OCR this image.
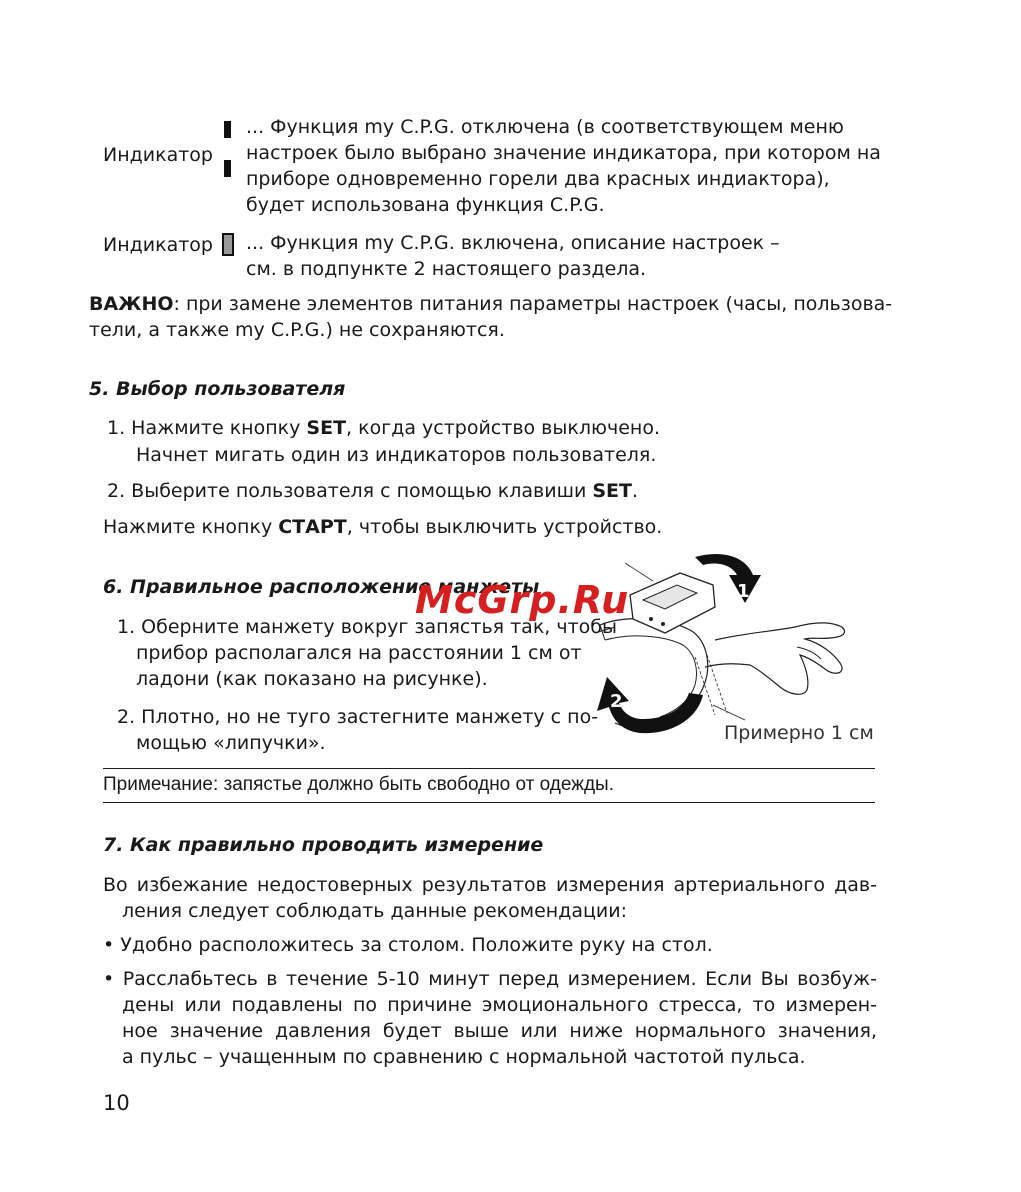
Индикатор
... Функция my C.P.G. отключена (в соответствующем меню
настроек было выбрано значение индикатора, при котором на
приборе одновременно горели два красных индиактора),
будет использована функция C.P.G.
Индикатор ... Функция my C.P.G. включена, описание настроек –
см. в подпункте 2 настоящего раздела.
ВАЖНО: при замене элементов питания параметры настроек (часы, пользова-
тели, а также my C.P.G.) не сохраняются.
5. Выбор пользователя
1. Нажмите кнопку SET, когда устройство выключено.
Начнет мигать один из индикаторов пользователя.
2. Выберите пользователя с помощью клавиши SET.
Нажмите кнопку СТАРТ, чтобы выключить устройство.
6. Правильное расположение манжеты
1. Оберните манжету вокруг запястья так, чтобы
прибор располагался на расстоянии 1 см от
ладони (как показано на рисунке).
2. Плотно, но не туго застегните манжету с по-
мощью «липучки».
1
2
Примерно 1 см
McGrp.Ru
Примечание: запястье должно быть свободно от одежды.
7. Как правильно проводить измерение
Во избежание недостоверных результатов измерения артериального дав-
ления следует соблюдать данные рекомендации:
• Удобно расположитесь за столом. Положите руку на стол.
• Расслабьтесь в течение 5-10 минут перед измерением. Если Вы возбуж-
дены или подавлены по причине эмоционального стресса, то измерен-
ное значение давления будет выше или ниже нормального значения,
а пульс – учащенным по сравнению с нормальной частотой пульса.
10
